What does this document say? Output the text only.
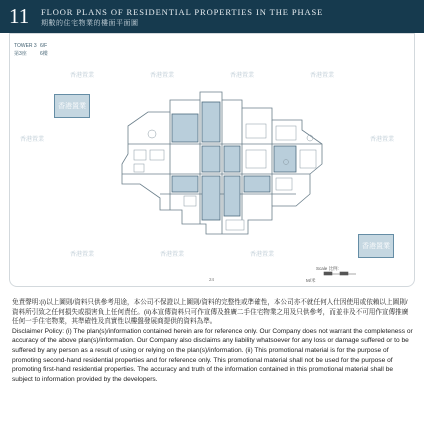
11 FLOOR PLANS OF RESIDENTIAL PROPERTIES IN THE PHASE
期數的住宅物業的樓面平面圖
TOWER 3 6/F
第3座	6樓
香港置業	香港置業	香港置業	香港置業
香港置業	香港置業
香港置業	香港置業	香港置業
香港置業
香港置業
Scale 比例：
M/米
24

免責聲明:(i)以上圖則/資料只供參考用途，本公司不保證以上圖則/資料的完整性或準確性，本公司亦不就任何人仕因使用或依賴以上圖則/資料所引致之任何損失或損害負上任何責任。(ii)本宣傳資料只可作宣傳及推廣二手住宅物業之用及只供參考，而並非及不可用作宣傳推廣任何一手住宅物業，其準確性及真實性以樓盤發展商提供的資料為準。

Disclaimer Policy: (i) The plan(s)/information contained herein are for reference only. Our Company does not warrant the completeness or accuracy of the above plan(s)/information. Our Company also disclaims any liability whatsoever for any loss or damage suffered or to be suffered by any person as a result of using or relying on the plan(s)/information. (ii) This promotional material is for the purpose of promoting second-hand residential properties and for reference only. This promotional material shall not be used for the purpose of promoting first-hand residential properties. The accuracy and truth of the information contained in this promotional material shall be subject to information provided by the developers.
